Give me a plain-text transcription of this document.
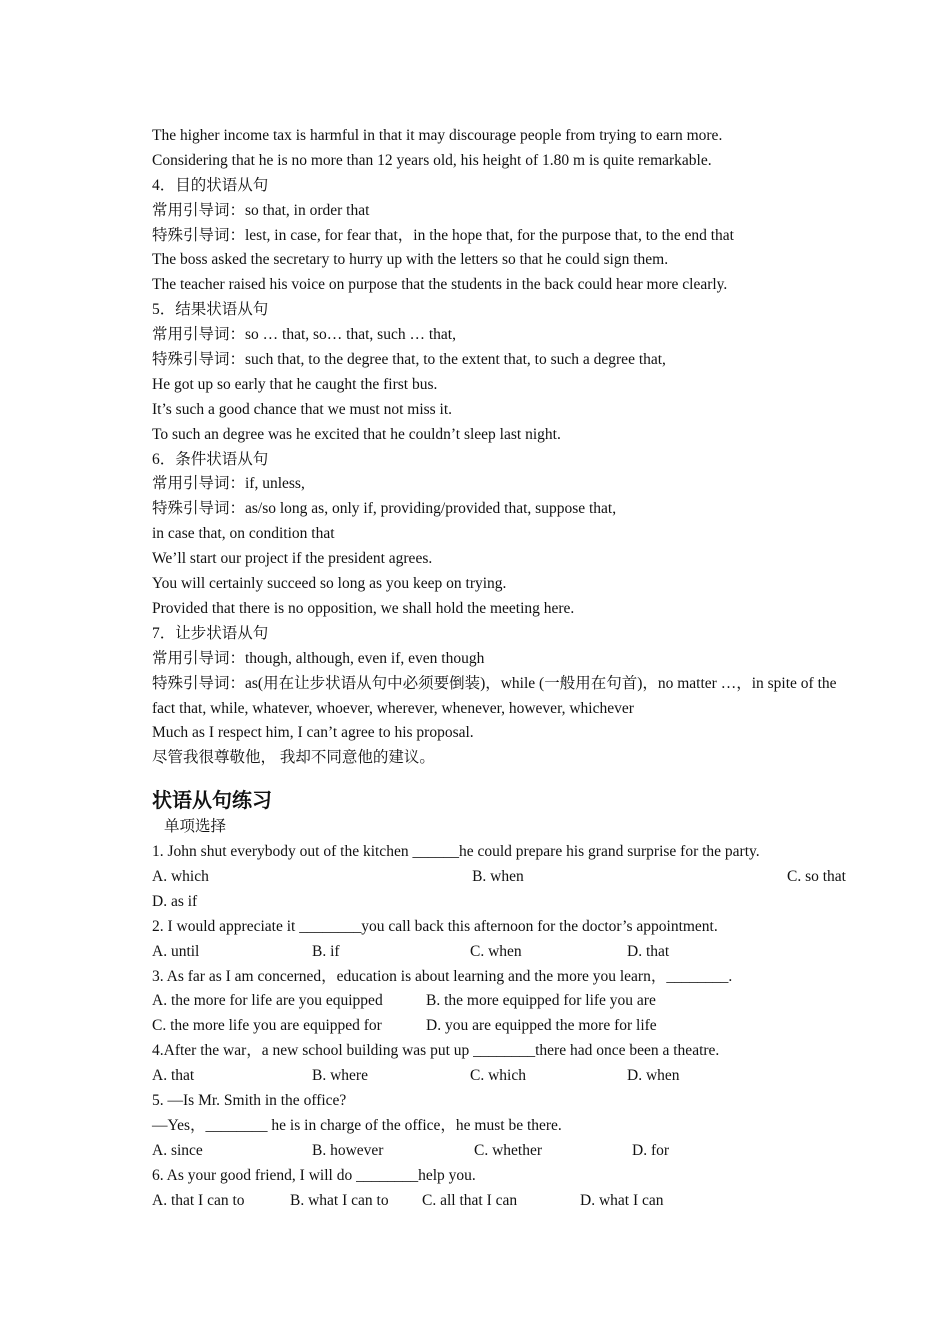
The higher income tax is harmful in that it may discourage people from trying to earn more.
Considering that he is no more than 12 years old, his height of 1.80 m is quite remarkable.
4．目的状语从句
常用引导词：so that, in order that
特殊引导词：lest, in case, for fear that，in the hope that, for the purpose that, to the end that
The boss asked the secretary to hurry up with the letters so that he could sign them.
The teacher raised his voice on purpose that the students in the back could hear more clearly.
5．结果状语从句
常用引导词：so … that, so… that, such … that,
特殊引导词：such that, to the degree that, to the extent that, to such a degree that,
He got up so early that he caught the first bus.
It’s such a good chance that we must not miss it.
To such an degree was he excited that he couldn’t sleep last night.
6．条件状语从句
常用引导词：if, unless,
特殊引导词：as/so long as, only if, providing/provided that, suppose that,
in case that, on condition that
We’ll start our project if the president agrees.
You will certainly succeed so long as you keep on trying.
Provided that there is no opposition, we shall hold the meeting here.
7．让步状语从句
常用引导词：though, although, even if, even though
特殊引导词：as(用在让步状语从句中必须要倒装)，while (一般用在句首)，no matter …，in spite of the fact that, while, whatever, whoever, wherever, whenever, however, whichever
Much as I respect him, I can’t agree to his proposal.
尽管我很尊敬他， 我却不同意他的建议。
状语从句练习
单项选择
1. John shut everybody out of the kitchen ______he could prepare his grand surprise for the party.
A. which	B. when	C. so that
D. as if
2. I would appreciate it ________you call back this afternoon for the doctor’s appointment.
A. until	B. if	C. when	D. that
3. As far as I am concerned，education is about learning and the more you learn，________.
A. the more for life are you equipped	B. the more equipped for life you are
C. the more life you are equipped for	D. you are equipped the more for life
4.After the war，a new school building was put up ________there had once been a theatre.
A. that	B. where	C. which	D. when
5. —Is Mr. Smith in the office?
—Yes，________ he is in charge of the office，he must be there.
A. since	B. however	C. whether	D. for
6. As your good friend, I will do ________help you.
A. that I can to	B. what I can to	C. all that I can	D. what I can
